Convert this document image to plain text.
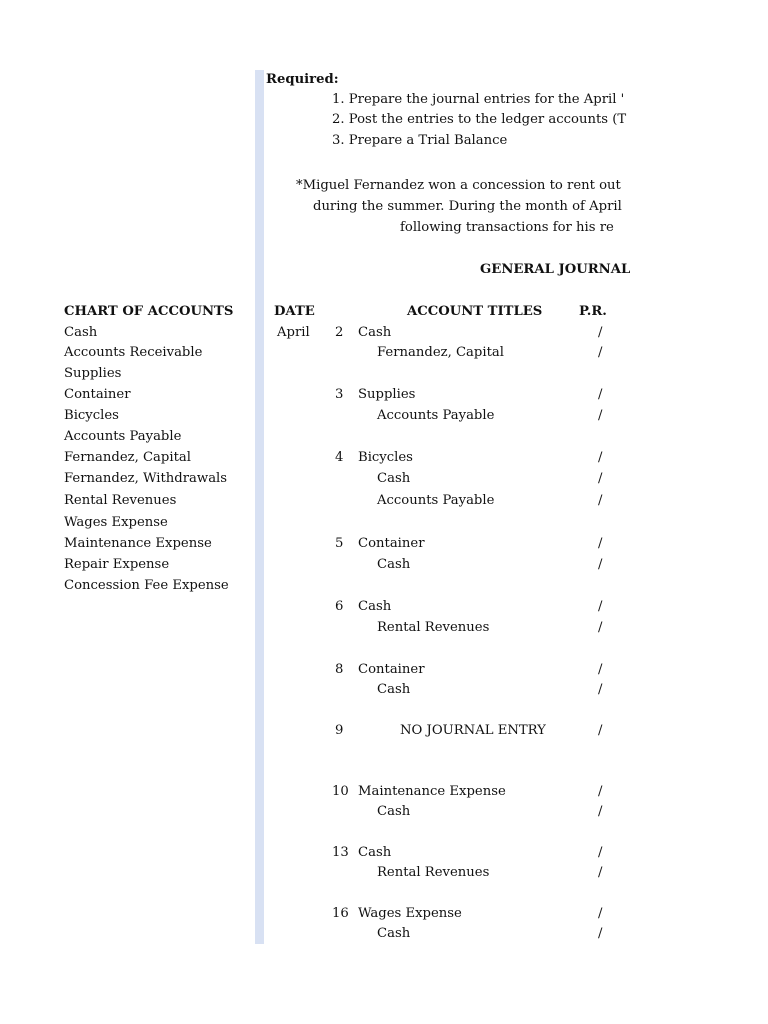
Required:
1. Prepare the journal entries for the April '
2. Post the entries to the ledger accounts (T
3. Prepare a Trial Balance
*Miguel Fernandez won a concession to rent out
during the summer. During the month of April
following transactions for his re
GENERAL JOURNAL
CHART OF ACCOUNTS	DATE	ACCOUNT TITLES	P.R.
Cash
Accounts Receivable
Supplies
Container
Bicycles
Accounts Payable
Fernandez, Capital
Fernandez, Withdrawals
Rental Revenues
Wages Expense
Maintenance Expense
Repair Expense
Concession Fee Expense
April 2 Cash	/
Fernandez, Capital	/
3 Supplies	/
Accounts Payable	/
4 Bicycles	/
Cash	/
Accounts Payable	/
5 Container	/
Cash	/
6 Cash	/
Rental Revenues	/
8 Container	/
Cash	/
9	NO JOURNAL ENTRY	/
10 Maintenance Expense	/
Cash	/
13 Cash	/
Rental Revenues	/
16 Wages Expense	/
Cash	/
